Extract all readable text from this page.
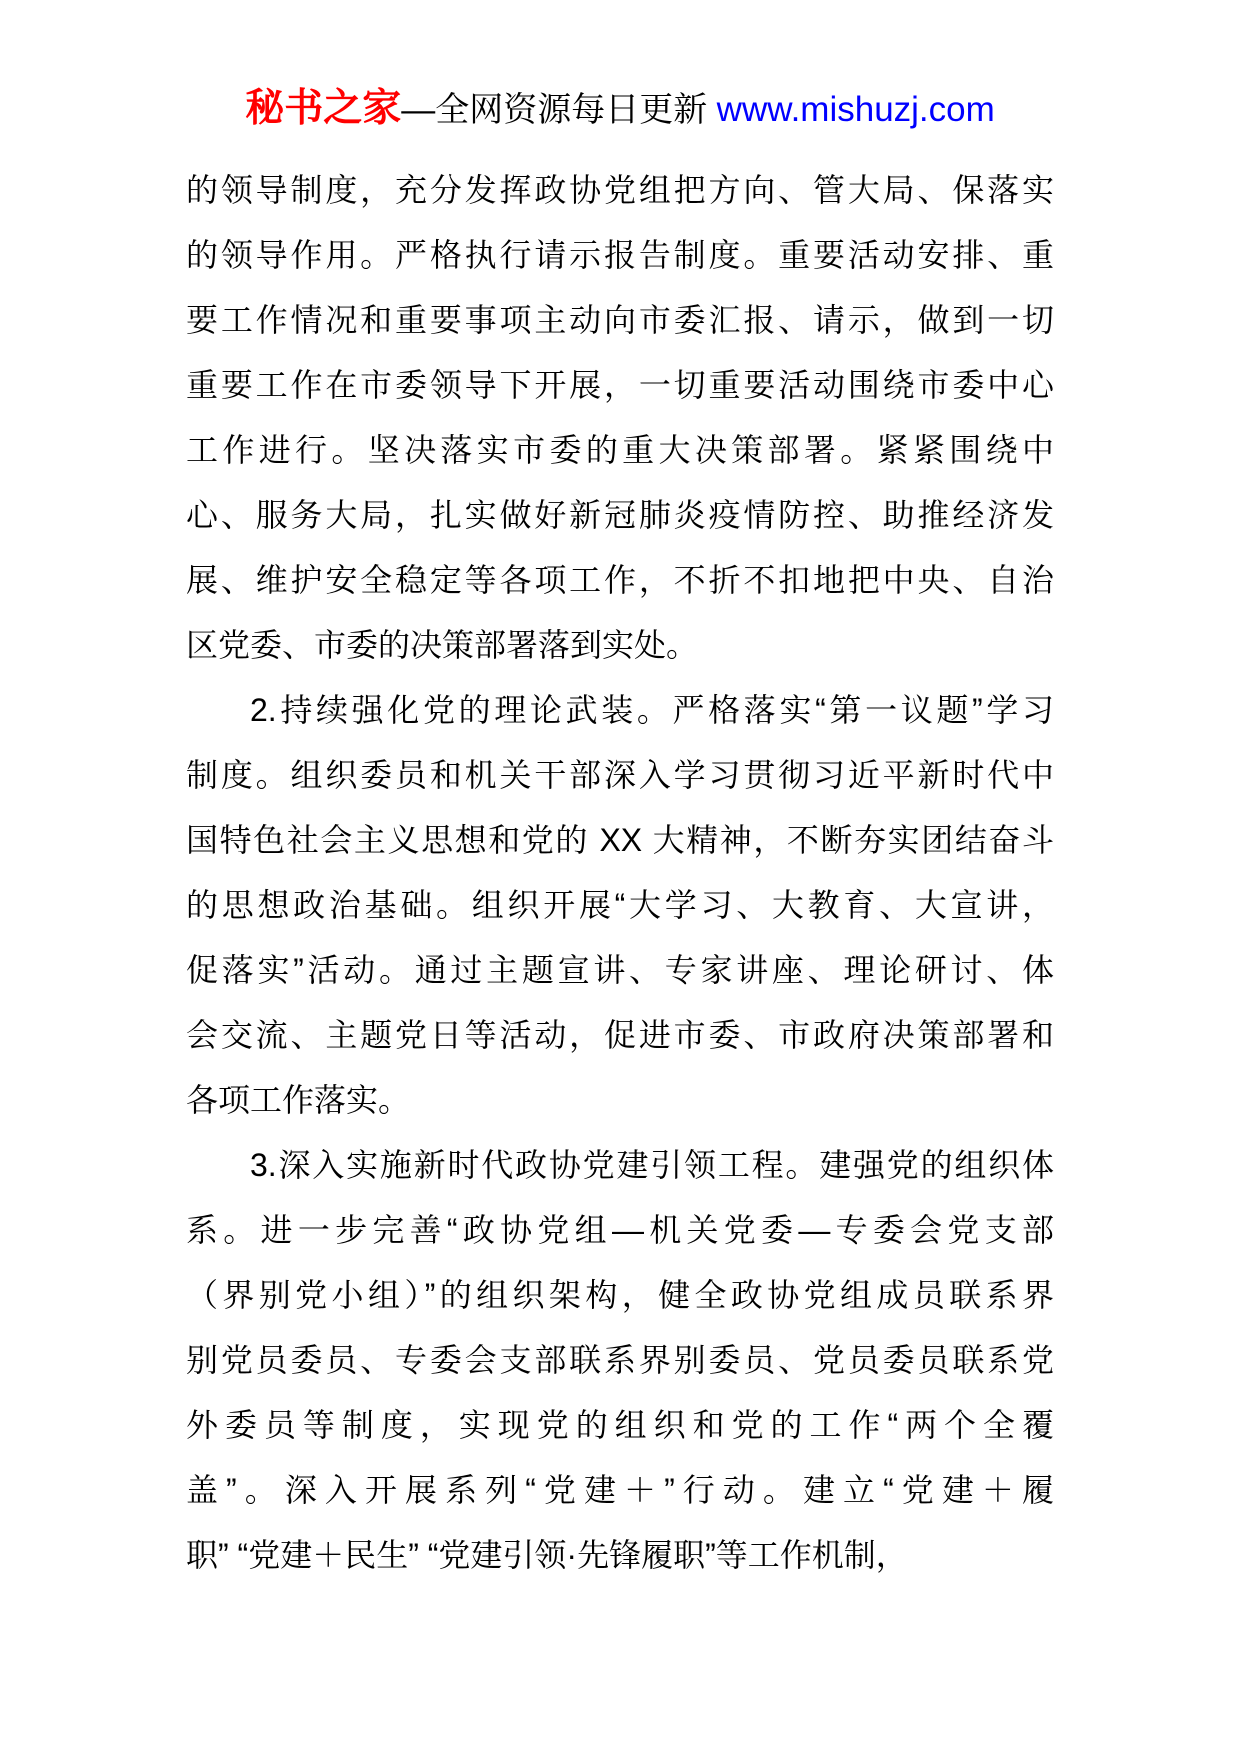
秘书之家—全网资源每日更新 www.mishuzj.com
的领导制度，充分发挥政协党组把方向、管大局、保落实
的领导作用。严格执行请示报告制度。重要活动安排、重
要工作情况和重要事项主动向市委汇报、请示，做到一切
重要工作在市委领导下开展，一切重要活动围绕市委中心
工作进行。坚决落实市委的重大决策部署。紧紧围绕中
心、服务大局，扎实做好新冠肺炎疫情防控、助推经济发
展、维护安全稳定等各项工作，不折不扣地把中央、自治
区党委、市委的决策部署落到实处。
2.持续强化党的理论武装。严格落实“第一议题”学习
制度。组织委员和机关干部深入学习贯彻习近平新时代中
国特色社会主义思想和党的 XX 大精神，不断夯实团结奋斗
的思想政治基础。组织开展“大学习、大教育、大宣讲，
促落实”活动。通过主题宣讲、专家讲座、理论研讨、体
会交流、主题党日等活动，促进市委、市政府决策部署和
各项工作落实。
3.深入实施新时代政协党建引领工程。建强党的组织体
系。进一步完善“政协党组—机关党委—专委会党支部
（界别党小组）”的组织架构，健全政协党组成员联系界
别党员委员、专委会支部联系界别委员、党员委员联系党
外委员等制度，实现党的组织和党的工作“两个全覆
盖”。深入开展系列“党建＋”行动。建立“党建＋履
职” “党建＋民生” “党建引领·先锋履职”等工作机制，
